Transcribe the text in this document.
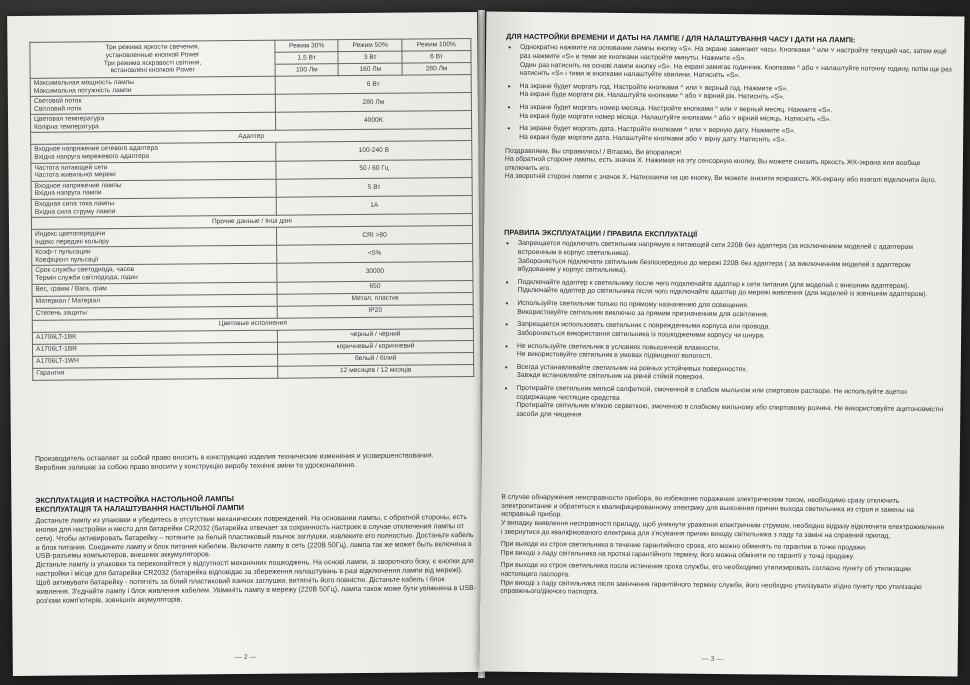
Три режима яркости свечения,
установленные кнопкой Power
Три режима яскравості світіння,
встановлені кнопкою Power	Режим 30%	Режим 50%	Режим 100%
	1,5 Вт	3 Вт	6 Вт
	100 Лм	160 Лм	280 Лм

Максимальная мощность лампы
Максимальна потужність лампи	6 Вт		

Световой поток
Світловий потік	280 Лм		

Цветовая температура
Колірна температура	4000K		
Адаптер			

Входное напряжение сетевого адаптера
Вхідна напруга мережевого адаптера	100-240 В		

Частота питающей сети
Частота живильної мережі	50 / 60 Гц		

Входное напряжение лампы
Вхідна напруга лампи	5 Вт		

Входная сила тока лампы
Вхідна сила струму лампи	1А		
Прочие данные / Інші дані			

Индекс цветопередачи
Індекс передачі кольору	CRI >80		

Коэф-т пульсации
Коефіцієнт пульсації	<5%		

Срок службы светодиода, часов
Термін служби світлодіода, годин	30000		
Вес, грамм / Вага, грам	650		
Материал / Матеріал	Метал, пластик		
Степень защиты	IP20		
Цветовые исполнения			
A1706LT-1BK	черный / черний		
A1706LT-1BR	коричневый / коричневий		
A1706LT-1WH	белый / білий		
Гарантия	12 месяцев / 12 місяців		

Производитель оставляет за собой право вносить в конструкцию изделия технические изменения и усовершенствования.

Виробник залишає за собою право вносити у конструкцію виробу технічні зміни та удосконалення.

ЭКСПЛУАТАЦИЯ И НАСТРОЙКА НАСТОЛЬНОЙ ЛАМПЫ

ЕКСПЛУАТАЦІЯ ТА НАЛАШТУВАННЯ НАСТІЛЬНОЇ ЛАМПИ

Достаньте лампу из упаковки и убедитесь в отсутствии механических повреждений. На основании лампы, с обратной стороны, есть кнопки для настройки и место для батарейки CR2032 (батарейка отвечает за сохранность настроек в случае отключения лампы от сети). Чтобы активировать батарейку – потяните за белый пластиковый язычок заглушки, извлеките его полностью. Достаньте кабель и блок питания. Соедините лампу и блок питания кабелем. Включите лампу в сеть (220В 50Гц), лампа так же может быть включена в USB-разъемы компьютеров, внешних аккумуляторов.

Дістаньте лампу із упаковки та переконайтеся у відсутності механічних пошкоджень. На основі лампи, зі зворотного боку, є кнопки для настройки і місце для батарейки CR2032 (батарейка відповідає за збереження налаштувань в разі відключення лампи від мережі). Щоб активувати батарейку - потягніть за білий пластиковий язичок заглушки, витягніть його повністю. Дістаньте кабель і блок живлення. З'єднайте лампу і блок живлення кабелем. Увімкніть лампу в мережу (220В 50Гц), лампа також може бути увімкнена в USB-роз'єми комп'ютерів, зовнішніх акумуляторів.

— 2 —

ДЛЯ НАСТРОЙКИ ВРЕМЕНИ И ДАТЫ НА ЛАМПЕ / ДЛЯ НАЛАШТУВАННЯ ЧАСУ І ДАТИ НА ЛАМПІ:

● Однократно нажмите на основании лампы кнопку «S». На экране замигают часы. Кнопками ^ или ˅ настройте текущий час, затем ещё раз нажмите «S» и теми же кнопками настройте минуты. Нажмите «S».

Один раз натисніть на основі лампи кнопку «S». На екрані замигає годинник. Кнопками ^ або ˅ налаштуйте поточну годину, потім ще раз натисніть «S» і тими ж кнопками налаштуйте хвилини. Натисніть «S».

● На экране будет моргать год. Настройте кнопками ^ или ˅ верный год. Нажмите «S».

На екрані буде моргати рік. Налаштуйте кнопками ^ або ˅ вірний рік. Натисніть «S».

● На экране будет моргать номер месяца. Настройте кнопками ^ или ˅ верный месяц. Нажмите «S».

На екрані буде моргати номер місяця. Налаштуйте кнопками ^ або ˅ вірний місяць. Натисніть «S».

● На экране будет моргать дата. Настройте кнопками ^ или ˅ верную дату. Нажмите «S».

На екрані буде моргати дата. Налаштуйте кнопками або ˅ вірну дату. Натисніть «S».

Поздравляем, Вы справились! / Вітаємо, Ви впоралися!

На обратной стороне лампы, есть значок Х. Нажимая на эту сенсорную кнопку, Вы можете снизить яркость ЖК-экрана или вообще отключить его.

На зворотній стороні лампи є значок Х. Натискаючи на цю кнопку, Ви можете знизити яскравість ЖК-екрану або взагалі відключити його.

ПРАВИЛА ЭКСПЛУАТАЦИИ / ПРАВИЛА ЕКСПЛУАТАЦІЇ

● Запрещается подключать светильник напрямую к питающей сети 220В без адаптера (за исключением моделей с адаптером встроенным в корпус светильника).

Забороняється підключати світильник безпосередньо до мережі 220В без адаптера ( за виключенням моделей з адаптером вбудованим у корпус світильника).

● Подключайте адаптер к светильнику после чего подключайте адаптер к сети питания (для моделей с внешним адаптером).

Підключайте адаптер до світильника після чого підключайте адаптер до мережі живлення (для моделей із зовнішнім адаптером).

● Используйте светильник только по прямому назначению для освещения.

Використовуйте світильник виключно за прямим призначенням для освітлення.

● Запрещается использовать светильник с поврежденными корпуса или провода.

Забороняється використання світильника із пошкодженими корпусу чи шнура.

● Не используйте светильник в условиях повышенной влажности.

Не використовуйте світильник в умовах підвищеної вологості.

● Всегда устанавливайте светильник на ровных устойчивых поверхностях.

Завжди встановлюйте світильник на рівній стійкій поверхні.

● Протирайте светильник мягкой салфеткой, смоченной в слабом мыльном или спиртовом растворе. Не используйте ацетон содержащие чистящие средства

Протирайте світильник м'якою серветкою, змоченою в слабкому мильному або спиртовому розчині. Не використовуйте ацетоновмістні засоби для чищення

В случае обнаружения неисправности прибора, во избежание поражения электрическим током, необходимо сразу отключить электропитание и обратиться к квалифицированному электрику для выяснения причин выхода светильника из строя и замены на исправный прибор.

У випадку виявлення несправності приладу, щоб уникнути ураження електричним струмом, необхідно відразу відключити електроживлення і звернутися до кваліфікованого електрика для з'ясування причин виходу світильника з ладу та заміні на справний прилад.

При выходе из строя светильника в течение гарантийного срока, его можно обменять по гарантии в точке продажи.

При виході з ладу світильника на протязі гарантійного терміну, його можна обміняти по гарантії у точці продажу.

При выходе из строя светильника после истечения срока службы, его необходимо утилизировать согласно пункту об утилизации настоящего паспорта.

При виході з ладу світильника після закінчення гарантійного терміну служби, його необхідно утилізувати згідно пункту про утилізацію справжнього/діючого паспорта.

— 3 —
